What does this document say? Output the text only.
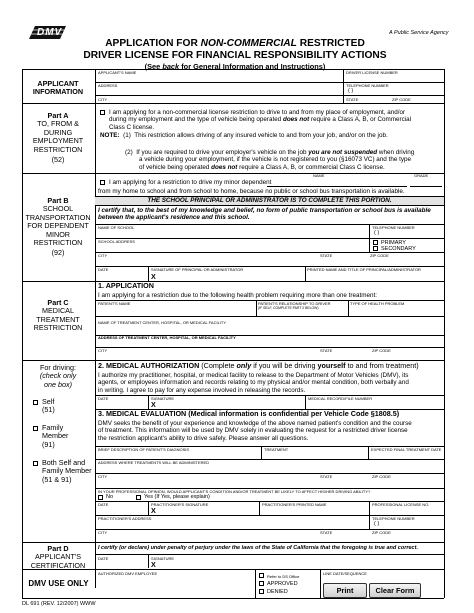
DMV	A Public Service Agency
APPLICATION FOR NON-COMMERCIAL RESTRICTED
DRIVER LICENSE FOR FINANCIAL RESPONSIBILITY ACTIONS
(See back for General Information and Instructions)
APPLICANT INFORMATION
APPLICANT'S NAME	DRIVER LICENSE NUMBER
ADDRESS	TELEPHONE NUMBER
( )
CITY	STATE	ZIP CODE
Part A
TO, FROM &
DURING
EMPLOYMENT
RESTRICTION
(52)
I am applying for a non-commercial license restriction to drive to and from my place of employment, and/or
during my employment and the type of vehicle being operated does not require a Class A, B, or Commercial
Class C license.
NOTE: (1) This restriction allows driving of any insured vehicle to and from your job, and/or on the job.
(2) If you are required to drive your employer's vehicle on the job you are not suspended when driving
a vehicle during your employment, if the vehicle is not registered to you (§16073 VC) and the type
of vehicle being operated does not require a Class A, B, or commercial Class C license.
Part B
SCHOOL
TRANSPORTATION
FOR DEPENDENT
MINOR
RESTRICTION
(92)
NAME	GRADE
I am applying for a restriction to drive my minor dependent
from my home to school and from school to home, because no public or school bus transportation is available.
THE SCHOOL PRINCIPAL OR ADMINISTRATOR IS TO COMPLETE THIS PORTION.
I certify that, to the best of my knowledge and belief, no form of public transportation or school bus is available
between the applicant's residence and this school.
NAME OF SCHOOL	TELEPHONE NUMBER
( )
SCHOOL ADDRESS	PRIMARY
SECONDARY
CITY	STATE	ZIP CODE
DATE	SIGNATURE OF PRINCIPAL OR ADMINISTRATOR
X
PRINTED NAME AND TITLE OF PRINCIPAL/ADMINISTRATOR
Part C
MEDICAL
TREATMENT
RESTRICTION
For driving:
(check only
one box)
Self
(51)
Family
Member
(91)
Both Self and
Family Member
(51 & 91)
1. APPLICATION
I am applying for a restriction due to the following health problem requiring more than one treatment:
PATIENT'S NAME	PATIENT'S RELATIONSHIP TO DRIVER
(IF SELF, COMPLETE PART 2 BELOW)
TYPE OF HEALTH PROBLEM
NAME OF TREATMENT CENTER, HOSPITAL, OR MEDICAL FACILITY
ADDRESS OF TREATMENT CENTER, HOSPITAL, OR MEDICAL FACILITY
CITY	STATE	ZIP CODE
2. MEDICAL AUTHORIZATION (Complete only if you will be driving yourself to and from treatment)
I authorize my practitioner, hospital, or medical facility to release to the Department of Motor Vehicles (DMV), its
agents, or employees information and records relating to my physical and/or mental condition, both verbally and
in writing. I agree to pay for any expense involved in releasing the records.
DATE	SIGNATURE
X
MEDICAL RECORD/FILE NUMBER
3. MEDICAL EVALUATION (Medical information is confidential per Vehicle Code §1808.5)
DMV seeks the benefit of your experience and knowledge of the above named patient's condition and the course
of treatment. This information will be used by DMV solely in evaluating the request for a restricted driver license
the restriction applicant's ability to drive safely. Please answer all questions.
BRIEF DESCRIPTION OF PATIENT'S DIAGNOSIS	TREATMENT	EXPECTED FINAL TREATMENT DATE
ADDRESS WHERE TREATMENTS WILL BE ADMINISTERED
CITY	STATE	ZIP CODE
IN YOUR PROFESSIONAL OPINION, WOULD APPLICANT'S CONDITION AND/OR TREATMENT BE LIKELY TO AFFECT HIS/HER DRIVING ABILITY?
No	Yes (If Yes, please explain)
DATE	PRACTITIONER'S SIGNATURE
X
PRACTITIONER'S PRINTED NAME	PROFESSIONAL LICENSE NO.
PRACTITIONER'S ADDRESS	TELEPHONE NUMBER
( )
CITY	STATE	ZIP CODE
Part D
APPLICANT'S
CERTIFICATION
I certify (or declare) under penalty of perjury under the laws of the State of California that the foregoing is true and correct.
DATE	SIGNATURE
X
DMV USE ONLY
AUTHORIZED DMV EMPLOYEE
Refer to DS Office
APPROVED
DENIED
LINE DATE/SEQUENCE
Print	Clear Form
DL 691 (REV. 12/2007) WWW
